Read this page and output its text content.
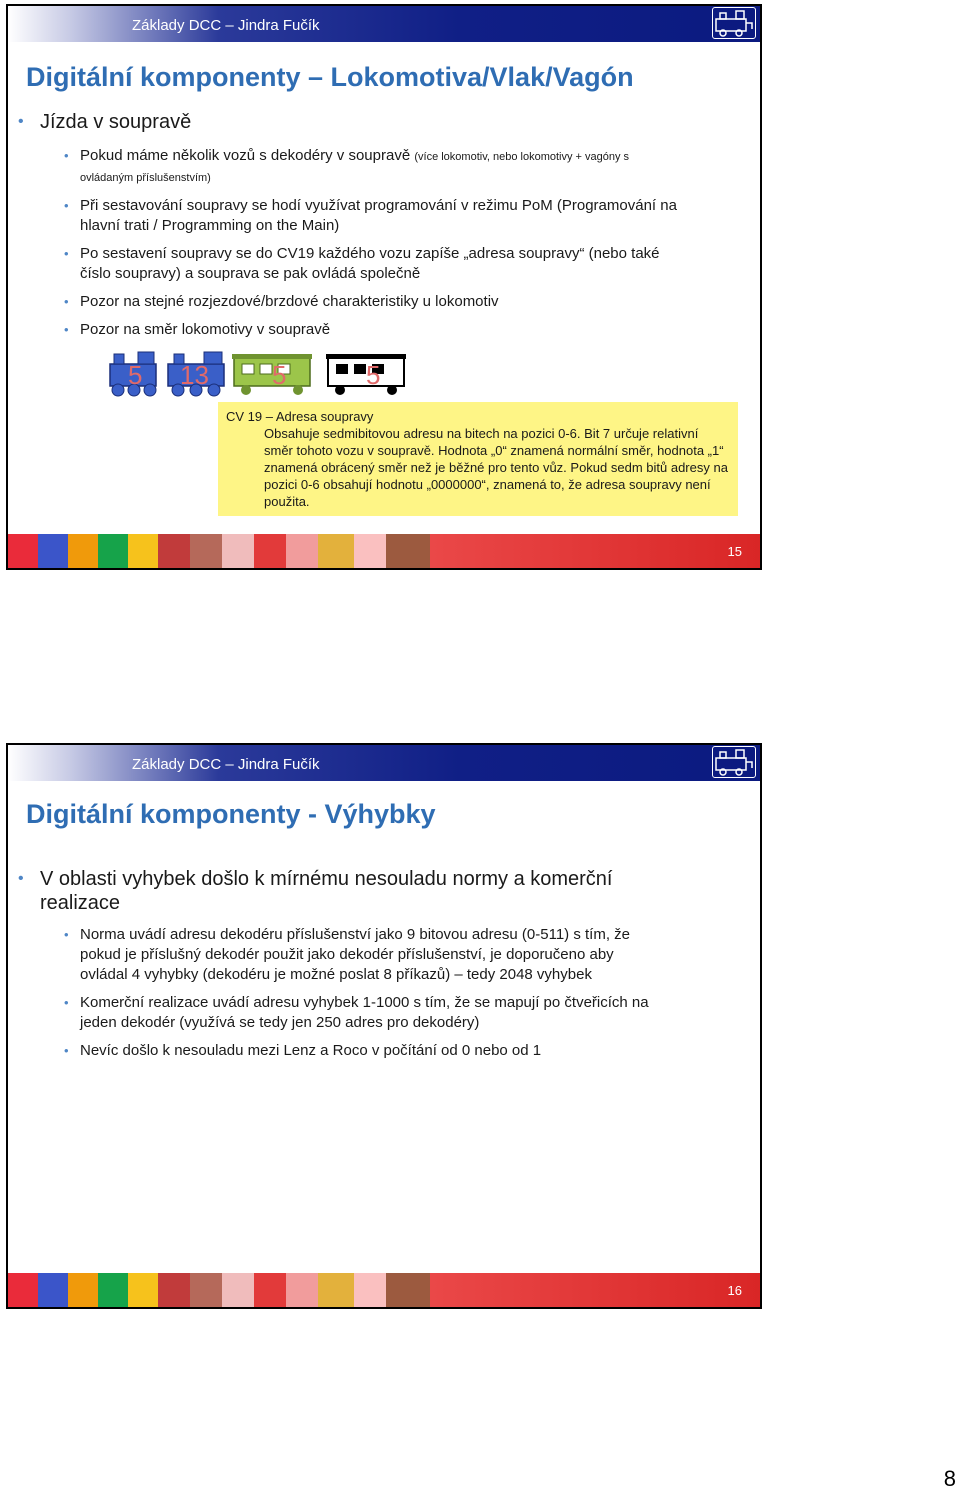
Základy DCC – Jindra Fučík
Digitální komponenty – Lokomotiva/Vlak/Vagón
• Jízda v soupravě
• Pokud máme několik vozů s dekodéry v soupravě (více lokomotiv, nebo lokomotivy + vagóny s ovládaným příslušenstvím)
• Při sestavování soupravy se hodí využívat programování v režimu PoM (Programování na hlavní trati / Programming on the Main)
• Po sestavení soupravy se do CV19 každého vozu zapíše „adresa soupravy“ (nebo také číslo soupravy) a souprava se pak ovládá společně
• Pozor na stejné rozjezdové/brzdové charakteristiky u lokomotiv
• Pozor na směr lokomotivy v soupravě
5 13 5	5
CV 19 – Adresa soupravy
Obsahuje sedmibitovou adresu na bitech na pozici 0-6. Bit 7 určuje relativní směr tohoto vozu v soupravě. Hodnota „0“ znamená normální směr, hodnota „1“ znamená obrácený směr než je běžné pro tento vůz. Pokud sedm bitů adresy na pozici 0-6 obsahují hodnotu „0000000“, znamená to, že adresa soupravy není použita.
15
Základy DCC – Jindra Fučík
Digitální komponenty - Výhybky
• V oblasti vyhybek došlo k mírnému nesouladu normy a komerční realizace
• Norma uvádí adresu dekodéru příslušenství jako 9 bitovou adresu (0-511) s tím, že pokud je příslušný dekodér použit jako dekodér příslušenství, je doporučeno aby ovládal 4 vyhybky (dekodéru je možné poslat 8 příkazů) – tedy 2048 vyhybek
• Komerční realizace uvádí adresu vyhybek 1-1000 s tím, že se mapují po čtveřicích na jeden dekodér (využívá se tedy jen 250 adres pro dekodéry)
• Nevíc došlo k nesouladu mezi Lenz a Roco v počítání od 0 nebo od 1
16
8
